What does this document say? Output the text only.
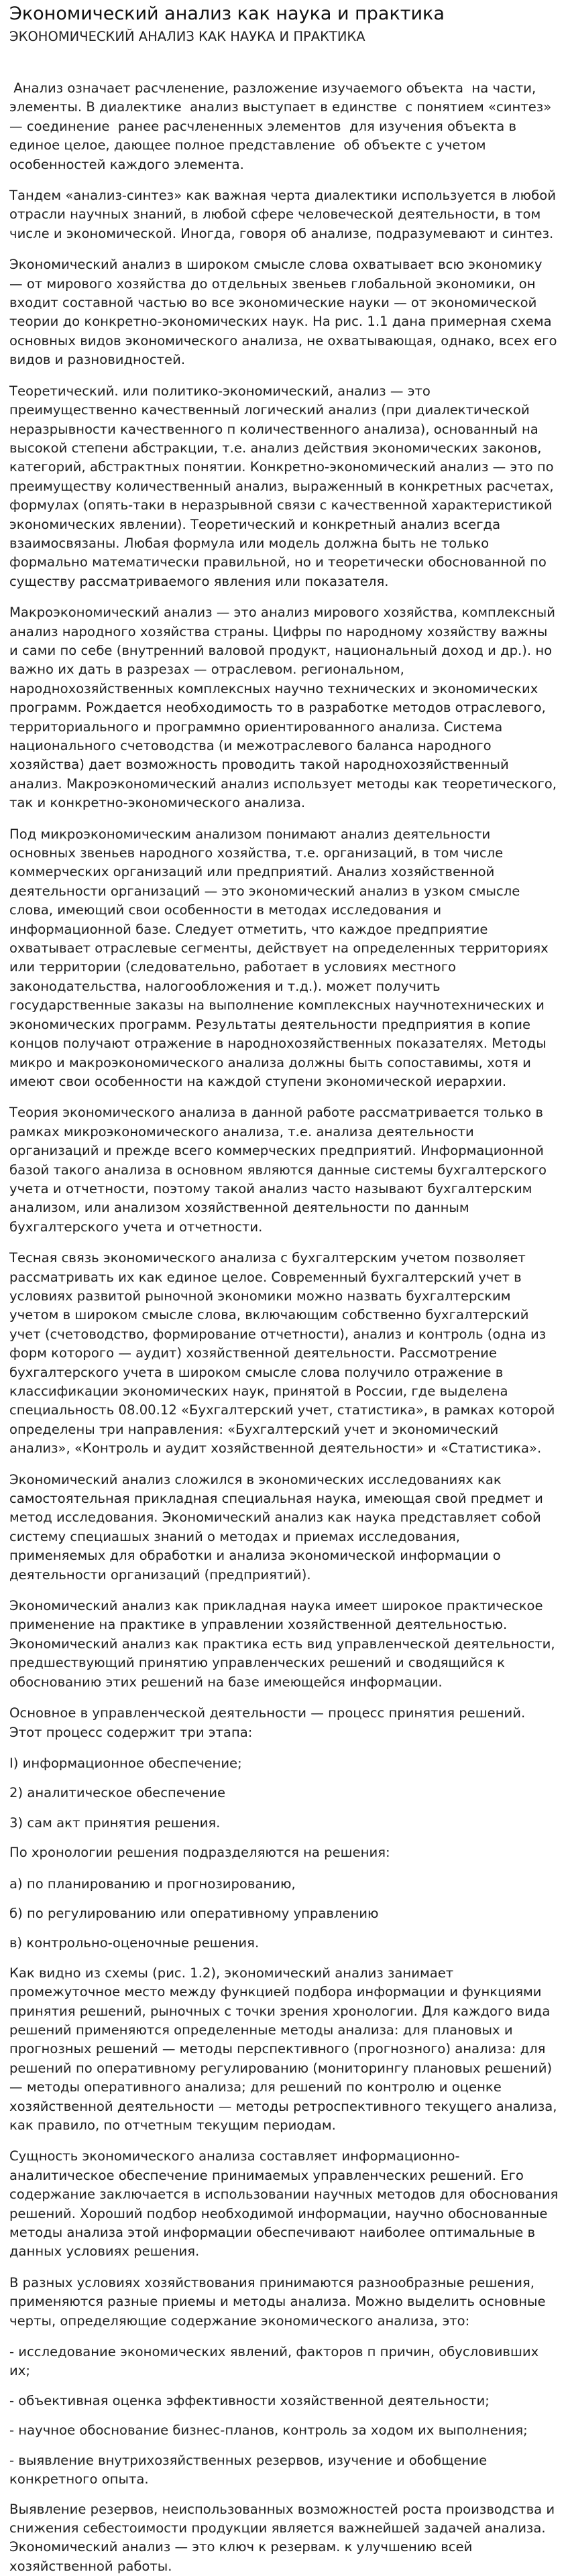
Экономический анализ как наука и практика
ЭКОНОМИЧЕСКИЙ АНАЛИЗ КАК НАУКА И ПРАКТИКА

Анализ означает расчленение, разложение изучаемого объекта  на части, элементы. В диалектике  анализ выступает в единстве  с понятием «синтез» — соединение  ранее расчлененных элементов  для изучения объекта в единое целое, дающее полное представление  об объекте с учетом особенностей каждого элемента.

Тандем «анализ-синтез» как важная черта диалектики используется в любой отрасли научных знаний, в любой сфере человеческой деятельности, в том числе и экономической. Иногда, говоря об анализе, подразумевают и синтез.

Экономический анализ в широком смысле слова охватывает всю экономику — от мирового хозяйства до отдельных звеньев глобальной экономики, он входит составной частью во все экономические науки — от экономической теории до конкретно-экономических наук. На рис. 1.1 дана примерная схема основных видов экономического анализа, не охватывающая, однако, всех его видов и разновидностей.

Теоретический. или политико-экономический, анализ — это преимущественно качественный логический анализ (при диалектической неразрывности качественного п количественного анализа), основанный на высокой степени абстракции, т.е. анализ действия экономических законов, категорий, абстрактных понятии. Конкретно-экономический анализ — это по преимуществу количественный анализ, выраженный в конкретных расчетах, формулах (опять-таки в неразрывной связи с качественной характеристикой экономических явлении). Теоретический и конкретный анализ всегда взаимосвязаны. Любая формула или модель должна быть не только формально математически правильной, но и теоретически обоснованной по существу рассматриваемого явления или показателя.

Макроэкономический анализ — это анализ мирового хозяйства, комплексный анализ народного хозяйства страны. Цифры по народному хозяйству важны и сами по себе (внутренний валовой продукт, национальный доход и др.). но важно их дать в разрезах — отраслевом. региональном, народнохозяйственных комплексных научно технических и экономических программ. Рождается необходимость то в разработке методов отраслевого, территориального и программно ориентированного анализа. Система национального счетоводства (и межотраслевого баланса народного хозяйства) дает возможность проводить такой народнохозяйственный анализ. Макроэкономический анализ использует методы как теоретического, так и конкретно-экономического анализа.

Под микроэкономическим анализом понимают анализ деятельности основных звеньев народного хозяйства, т.е. организаций, в том числе коммерческих организаций или предприятий. Анализ хозяйственной деятельности организаций — это экономический анализ в узком смысле слова, имеющий свои особенности в методах исследования и информационной базе. Следует отметить, что каждое предприятие охватывает отраслевые сегменты, действует на определенных территориях или территории (следовательно, работает в условиях местного законодательства, налогообложения и т.д.). может получить государственные заказы на выполнение комплексных научнотехнических и экономических программ. Результаты деятельности предприятия в копие концов получают отражение в народнохозяйственных показателях. Методы микро и макроэкономического анализа должны быть сопоставимы, хотя и имеют свои особенности на каждой ступени экономической иерархии.

Теория экономического анализа в данной работе рассматривается только в рамках микроэкономического анализа, т.е. анализа деятельности организаций и прежде всего коммерческих предприятий. Информационной базой такого анализа в основном являются данные системы бухгалтерского учета и отчетности, поэтому такой анализ часто называют бухгалтерским анализом, или анализом хозяйственной деятельности по данным бухгалтерского учета и отчетности.

Тесная связь экономического анализа с бухгалтерским учетом позволяет рассматривать их как единое целое. Современный бухгалтерский учет в условиях развитой рыночной экономики можно назвать бухгалтерским учетом в широком смысле слова, включающим собственно бухгалтерский учет (счетоводство, формирование отчетности), анализ и контроль (одна из форм которого — аудит) хозяйственной деятельности. Рассмотрение бухгалтерского учета в широком смысле слова получило отражение в классификации экономических наук, принятой в России, где выделена специальность 08.00.12 «Бухгалтерский учет, статистика», в рамках которой определены три направления: «Бухгалтерский учет и экономический анализ», «Контроль и аудит хозяйственной деятельности» и «Статистика».

Экономический анализ сложился в экономических исследованиях как самостоятельная прикладная специальная наука, имеющая свой предмет и метод исследования. Экономический анализ как наука представляет собой систему специашых знаний о методах и приемах исследования, применяемых для обработки и анализа экономической информации о деятельности организаций (предприятий).

Экономический анализ как прикладная наука имеет широкое практическое применение на практике в управлении хозяйственной деятельностью. Экономический анализ как практика есть вид управленческой деятельности, предшествующий принятию управленческих решений и сводящийся к обоснованию этих решений на базе имеющейся информации.

Основное в управленческой деятельности — процесс принятия решений. Этот процесс содержит три этапа:

I) информационное обеспечение;

2) аналитическое обеспечение

3) сам акт принятия решения.

По хронологии решения подразделяются на решения:

а) по планированию и прогнозированию,

б) по регулированию или оперативному управлению

в) контрольно-оценочные решения.

Как видно из схемы (рис. 1.2), экономический анализ занимает промежуточное место между функцией подбора информации и функциями принятия решений, рыночных с точки зрения хронологии. Для каждого вида решений применяются определенные методы анализа: для плановых и прогнозных решений — методы перспективного (прогнозного) анализа: для решений по оперативному регулированию (мониторингу плановых решений) — методы оперативного анализа; для решений по контролю и оценке хозяйственной деятельности — методы ретроспективного текущего анализа, как правило, по отчетным текущим периодам.

Сущность экономического анализа составляет информационно-аналитическое обеспечение принимаемых управленческих решений. Его содержание заключается в использовании научных методов для обоснования решений. Хороший подбор необходимой информации, научно обоснованные методы анализа этой информации обеспечивают наиболее оптимальные в данных условиях решения.

В разных условиях хозяйствования принимаются разнообразные решения, применяются разные приемы и методы анализа. Можно выделить основные черты, определяющие содержание экономического анализа, это:

- исследование экономических явлений, факторов п причин, обусловивших их;

- объективная оценка эффективности хозяйственной деятельности;

- научное обоснование бизнес-планов, контроль за ходом их выполнения;

- выявление внутрихозяйственных резервов, изучение и обобщение конкретного опыта.

Выявление резервов, неиспользованных возможностей роста производства и снижения себестоимости продукции является важнейшей задачей анализа. Экономический анализ — это ключ к резервам. к улучшению всей хозяйственной работы.
